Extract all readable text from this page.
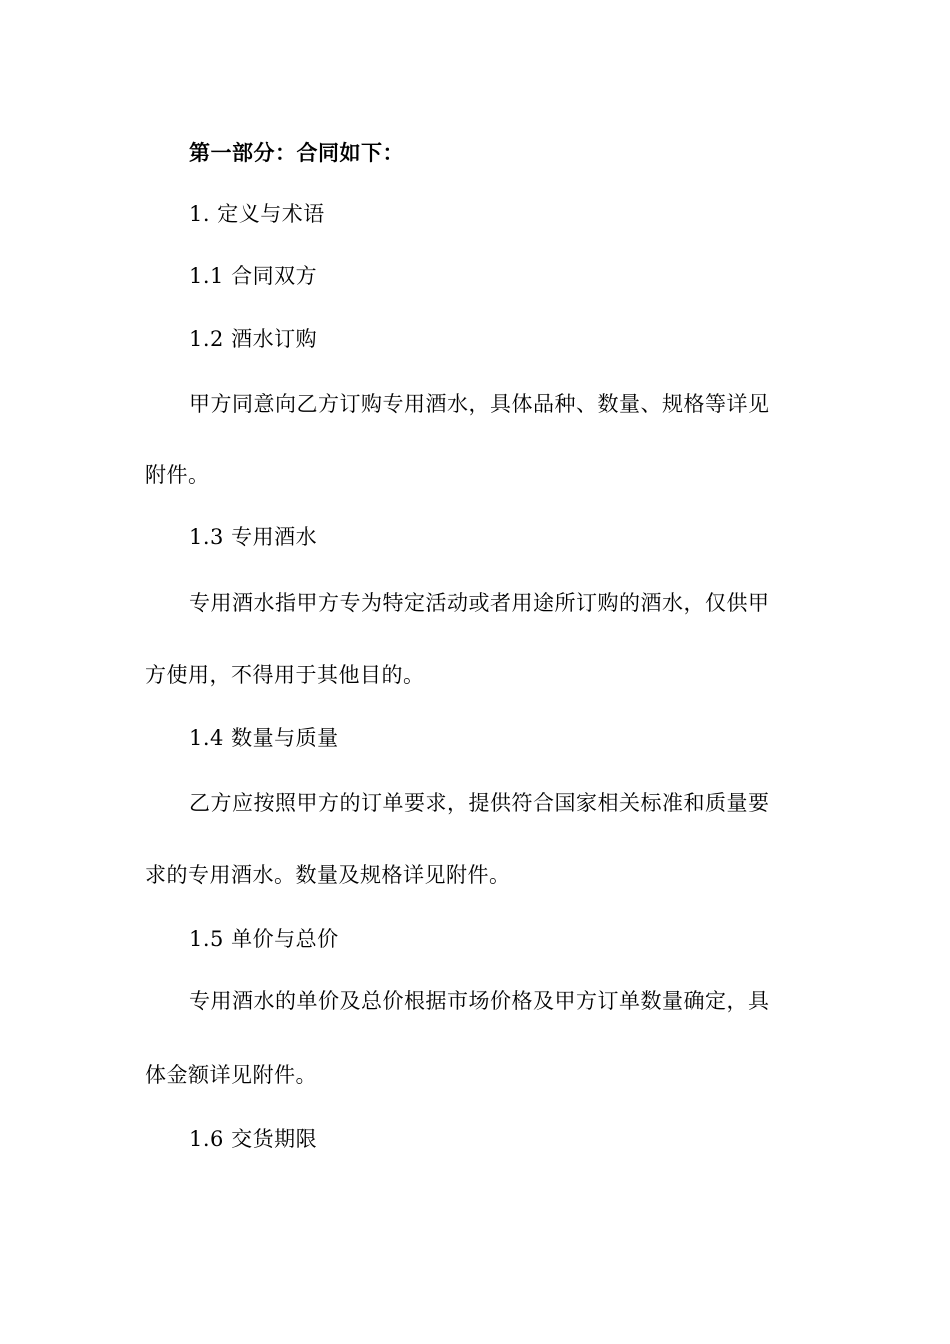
第一部分：合同如下：
1. 定义与术语
1.1 合同双方
1.2 酒水订购
甲方同意向乙方订购专用酒水，具体品种、数量、规格等详见
附件。
1.3 专用酒水
专用酒水指甲方专为特定活动或者用途所订购的酒水，仅供甲
方使用，不得用于其他目的。
1.4 数量与质量
乙方应按照甲方的订单要求，提供符合国家相关标准和质量要
求的专用酒水。数量及规格详见附件。
1.5 单价与总价
专用酒水的单价及总价根据市场价格及甲方订单数量确定，具
体金额详见附件。
1.6 交货期限
